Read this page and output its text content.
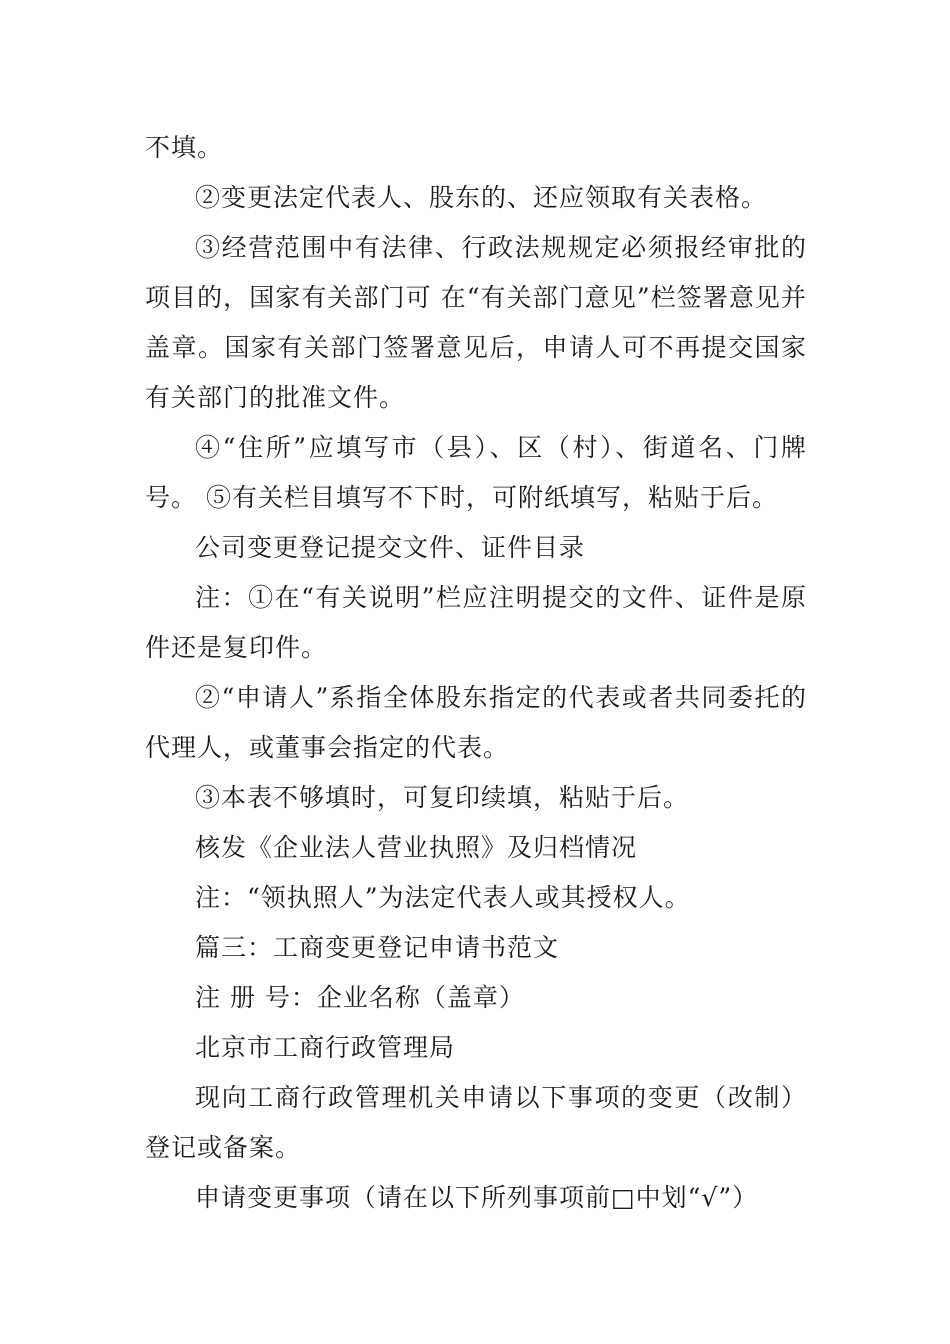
不填。

②变更法定代表人、股东的、还应领取有关表格。

③经营范围中有法律、行政法规规定必须报经审批的项目的，国家有关部门可 在“有关部门意见”栏签署意见并盖章。国家有关部门签署意见后，申请人可不再提交国家有关部门的批准文件。

④“住所”应填写市（县）、区（村）、街道名、门牌号。 ⑤有关栏目填写不下时，可附纸填写，粘贴于后。

公司变更登记提交文件、证件目录

注：①在“有关说明”栏应注明提交的文件、证件是原件还是复印件。

②“申请人”系指全体股东指定的代表或者共同委托的代理人，或董事会指定的代表。

③本表不够填时，可复印续填，粘贴于后。

核发《企业法人营业执照》及归档情况

注：“领执照人”为法定代表人或其授权人。

篇三：工商变更登记申请书范文

注 册 号：企业名称（盖章）

北京市工商行政管理局

现向工商行政管理机关申请以下事项的变更（改制）登记或备案。

申请变更事项（请在以下所列事项前□中划“√”）
